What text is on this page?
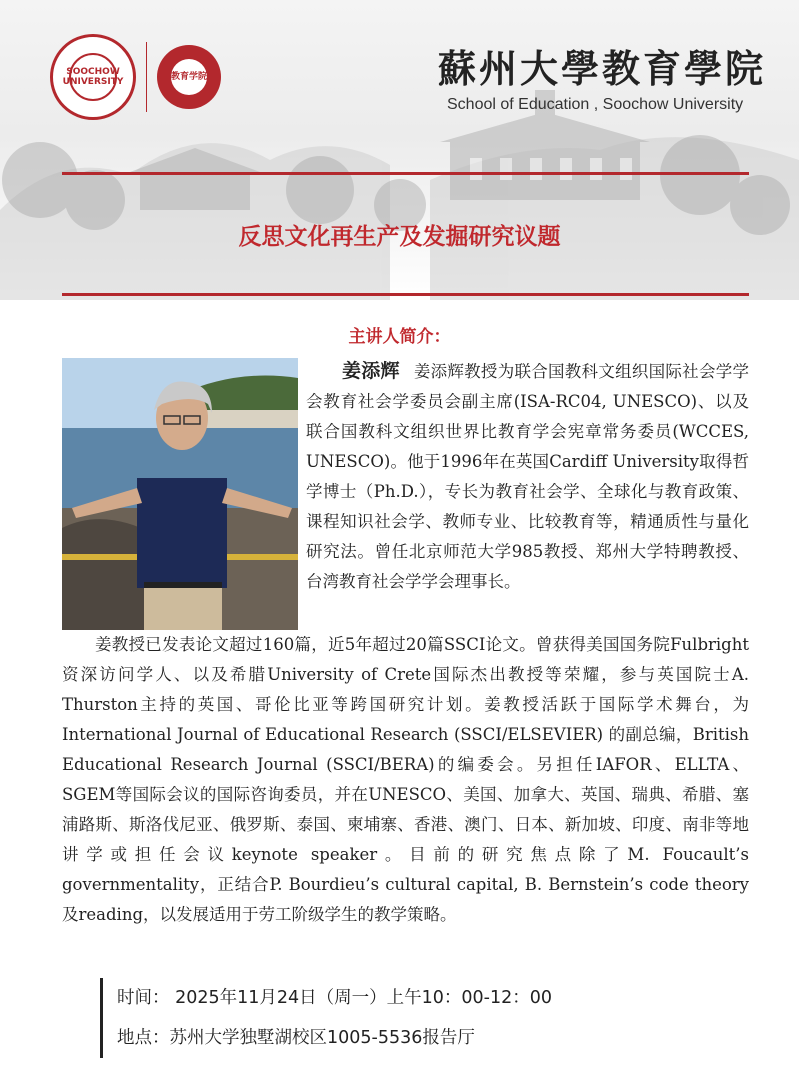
SOOCHOW UNIVERSITY	教育学院	蘇州大學教育學院
School of Education , Soochow University
反思文化再生产及发掘研究议题
主讲人简介：

姜添辉 姜添辉教授为联合国教科文组织国际社会学学会教育社会学委员会副主席(ISA-RC04, UNESCO)、以及联合国教科文组织世界比教育学会宪章常务委员(WCCES, UNESCO)。他于1996年在英国Cardiff University取得哲学博士（Ph.D.），专长为教育社会学、全球化与教育政策、课程知识社会学、教师专业、比较教育等，精通质性与量化研究法。曾任北京师范大学985教授、郑州大学特聘教授、台湾教育社会学学会理事长。

姜教授已发表论文超过160篇，近5年超过20篇SSCI论文。曾获得美国国务院Fulbright资深访问学人、以及希腊University of Crete国际杰出教授等荣耀，参与英国院士A. Thurston主持的英国、哥伦比亚等跨国研究计划。姜教授活跃于国际学术舞台，为International Journal of Educational Research (SSCI/ELSEVIER) 的副总编，British Educational Research Journal (SSCI/BERA)的编委会。另担任IAFOR、ELLTA、SGEM等国际会议的国际咨询委员，并在UNESCO、美国、加拿大、英国、瑞典、希腊、塞浦路斯、斯洛伐尼亚、俄罗斯、泰国、柬埔寨、香港、澳门、日本、新加坡、印度、南非等地讲学或担任会议keynote speaker。目前的研究焦点除了M. Foucault’s governmentality，正结合P. Bourdieu’s cultural capital, B. Bernstein’s code theory及reading，以发展适用于劳工阶级学生的教学策略。

时间： 2025年11月24日（周一）上午10：00-12：00
地点：苏州大学独墅湖校区1005-5536报告厅
